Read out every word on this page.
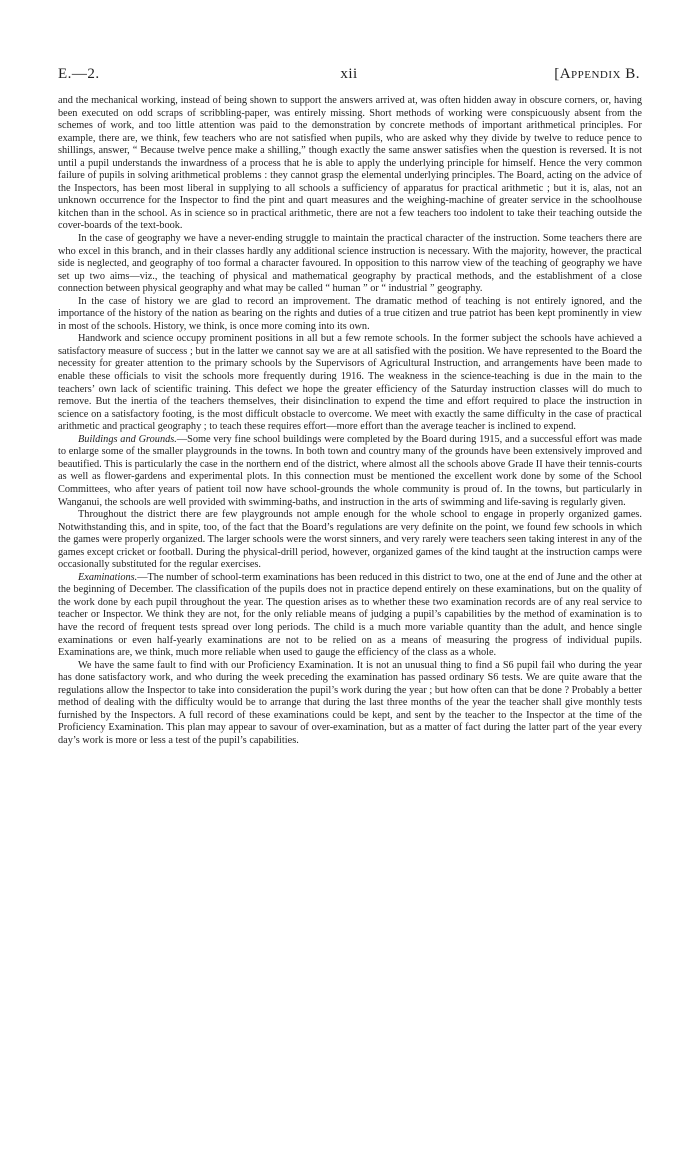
E.—2.	xii	[Appendix B.

and the mechanical working, instead of being shown to support the answers arrived at, was often hidden away in obscure corners, or, having been executed on odd scraps of scribbling-paper, was entirely missing. Short methods of working were conspicuously absent from the schemes of work, and too little attention was paid to the demonstration by concrete methods of important arithmetical principles. For example, there are, we think, few teachers who are not satisfied when pupils, who are asked why they divide by twelve to reduce pence to shillings, answer, “ Because twelve pence make a shilling,” though exactly the same answer satisfies when the question is reversed. It is not until a pupil understands the inwardness of a process that he is able to apply the underlying principle for himself. Hence the very common failure of pupils in solving arithmetical problems : they cannot grasp the elemental underlying principles. The Board, acting on the advice of the Inspectors, has been most liberal in supplying to all schools a sufficiency of apparatus for practical arithmetic ; but it is, alas, not an unknown occurrence for the Inspector to find the pint and quart measures and the weighing-machine of greater service in the schoolhouse kitchen than in the school. As in science so in practical arithmetic, there are not a few teachers too indolent to take their teaching outside the cover-boards of the text-book.

In the case of geography we have a never-ending struggle to maintain the practical character of the instruction. Some teachers there are who excel in this branch, and in their classes hardly any additional science instruction is necessary. With the majority, however, the practical side is neglected, and geography of too formal a character favoured. In opposition to this narrow view of the teaching of geography we have set up two aims—viz., the teaching of physical and mathematical geography by practical methods, and the establishment of a close connection between physical geography and what may be called “ human ” or “ industrial ” geography.

In the case of history we are glad to record an improvement. The dramatic method of teaching is not entirely ignored, and the importance of the history of the nation as bearing on the rights and duties of a true citizen and true patriot has been kept prominently in view in most of the schools. History, we think, is once more coming into its own.

Handwork and science occupy prominent positions in all but a few remote schools. In the former subject the schools have achieved a satisfactory measure of success ; but in the latter we cannot say we are at all satisfied with the position. We have represented to the Board the necessity for greater attention to the primary schools by the Supervisors of Agricultural Instruction, and arrangements have been made to enable these officials to visit the schools more frequently during 1916. The weakness in the science-teaching is due in the main to the teachers’ own lack of scientific training. This defect we hope the greater efficiency of the Saturday instruction classes will do much to remove. But the inertia of the teachers themselves, their disinclination to expend the time and effort required to place the instruction in science on a satisfactory footing, is the most difficult obstacle to overcome. We meet with exactly the same difficulty in the case of practical arithmetic and practical geography ; to teach these requires effort—more effort than the average teacher is inclined to expend.

Buildings and Grounds.—Some very fine school buildings were completed by the Board during 1915, and a successful effort was made to enlarge some of the smaller playgrounds in the towns. In both town and country many of the grounds have been extensively improved and beautified. This is particularly the case in the northern end of the district, where almost all the schools above Grade II have their tennis-courts as well as flower-gardens and experimental plots. In this connection must be mentioned the excellent work done by some of the School Committees, who after years of patient toil now have school-grounds the whole community is proud of. In the towns, but particularly in Wanganui, the schools are well provided with swimming-baths, and instruction in the arts of swimming and life-saving is regularly given.

Throughout the district there are few playgrounds not ample enough for the whole school to engage in properly organized games. Notwithstanding this, and in spite, too, of the fact that the Board’s regulations are very definite on the point, we found few schools in which the games were properly organized. The larger schools were the worst sinners, and very rarely were teachers seen taking interest in any of the games except cricket or football. During the physical-drill period, however, organized games of the kind taught at the instruction camps were occasionally substituted for the regular exercises.

Examinations.—The number of school-term examinations has been reduced in this district to two, one at the end of June and the other at the beginning of December. The classification of the pupils does not in practice depend entirely on these examinations, but on the quality of the work done by each pupil throughout the year. The question arises as to whether these two examination records are of any real service to teacher or Inspector. We think they are not, for the only reliable means of judging a pupil’s capabilities by the method of examination is to have the record of frequent tests spread over long periods. The child is a much more variable quantity than the adult, and hence single examinations or even half-yearly examinations are not to be relied on as a means of measuring the progress of individual pupils. Examinations are, we think, much more reliable when used to gauge the efficiency of the class as a whole.

We have the same fault to find with our Proficiency Examination. It is not an unusual thing to find a S6 pupil fail who during the year has done satisfactory work, and who during the week preceding the examination has passed ordinary S6 tests. We are quite aware that the regulations allow the Inspector to take into consideration the pupil’s work during the year ; but how often can that be done ? Probably a better method of dealing with the difficulty would be to arrange that during the last three months of the year the teacher shall give monthly tests furnished by the Inspectors. A full record of these examinations could be kept, and sent by the teacher to the Inspector at the time of the Proficiency Examination. This plan may appear to savour of over-examination, but as a matter of fact during the latter part of the year every day’s work is more or less a test of the pupil’s capabilities.
